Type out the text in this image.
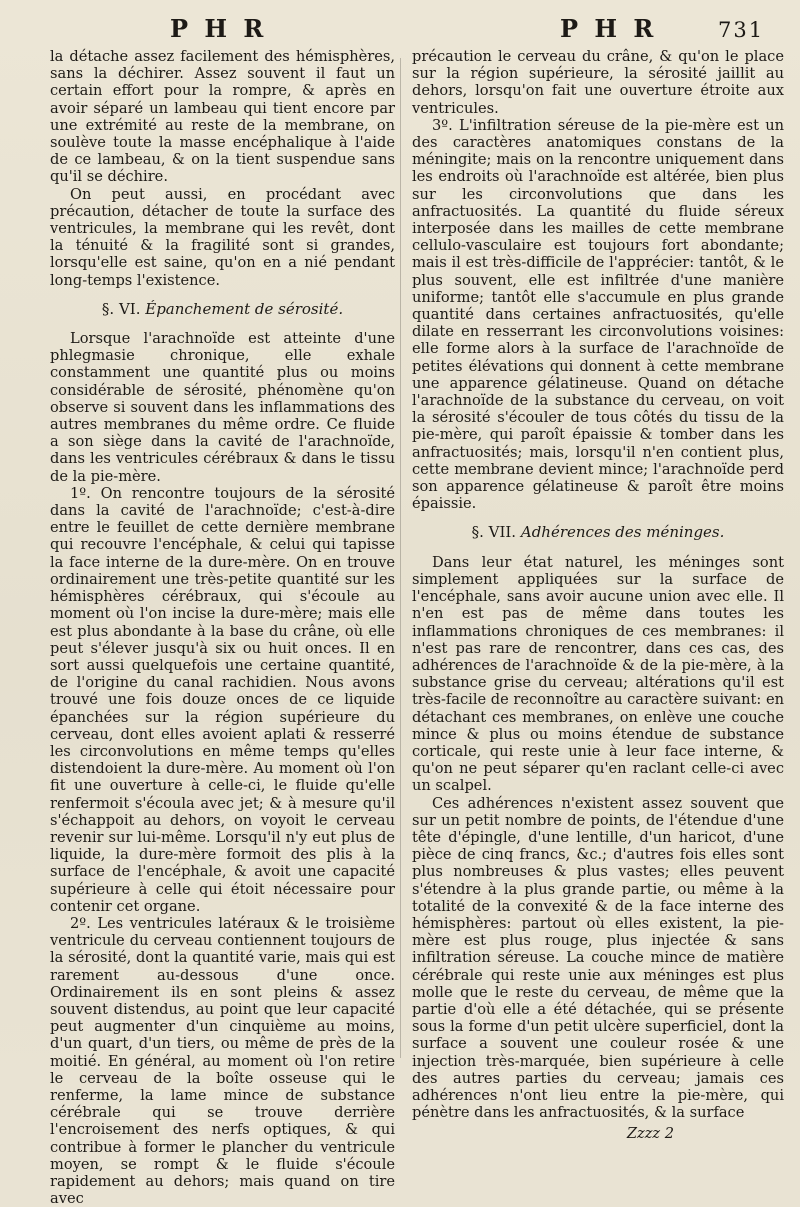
P H R	P H R	731

la détache assez facilement des hémisphères, sans la déchirer. Assez souvent il faut un certain effort pour la rompre, & après en avoir séparé un lambeau qui tient encore par une extrémité au reste de la membrane, on soulève toute la masse encéphalique à l'aide de ce lambeau, & on la tient suspendue sans qu'il se déchire.

On peut aussi, en procédant avec précaution, détacher de toute la surface des ventricules, la membrane qui les revêt, dont la ténuité & la fragilité sont si grandes, lorsqu'elle est saine, qu'on en a nié pendant long-temps l'existence.

§. VI. Épanchement de sérosité.

Lorsque l'arachnoïde est atteinte d'une phlegmasie chronique, elle exhale constamment une quantité plus ou moins considérable de sérosité, phénomène qu'on observe si souvent dans les inflammations des autres membranes du même ordre. Ce fluide a son siège dans la cavité de l'arachnoïde, dans les ventricules cérébraux & dans le tissu de la pie-mère.

1º. On rencontre toujours de la sérosité dans la cavité de l'arachnoïde; c'est-à-dire entre le feuillet de cette dernière membrane qui recouvre l'encéphale, & celui qui tapisse la face interne de la dure-mère. On en trouve ordinairement une très-petite quantité sur les hémisphères cérébraux, qui s'écoule au moment où l'on incise la dure-mère; mais elle est plus abondante à la base du crâne, où elle peut s'élever jusqu'à six ou huit onces. Il en sort aussi quelquefois une certaine quantité, de l'origine du canal rachidien. Nous avons trouvé une fois douze onces de ce liquide épanchées sur la région supérieure du cerveau, dont elles avoient aplati & resserré les circonvolutions en même temps qu'elles distendoient la dure-mère. Au moment où l'on fit une ouverture à celle-ci, le fluide qu'elle renfermoit s'écoula avec jet; & à mesure qu'il s'échappoit au dehors, on voyoit le cerveau revenir sur lui-même. Lorsqu'il n'y eut plus de liquide, la dure-mère formoit des plis à la surface de l'encéphale, & avoit une capacité supérieure à celle qui étoit nécessaire pour contenir cet organe.

2º. Les ventricules latéraux & le troisième ventricule du cerveau contiennent toujours de la sérosité, dont la quantité varie, mais qui est rarement au-dessous d'une once. Ordinairement ils en sont pleins & assez souvent distendus, au point que leur capacité peut augmenter d'un cinquième au moins, d'un quart, d'un tiers, ou même de près de la moitié. En général, au moment où l'on retire le cerveau de la boîte osseuse qui le renferme, la lame mince de substance cérébrale qui se trouve derrière l'encroisement des nerfs optiques, & qui contribue à former le plancher du ventricule moyen, se rompt & le fluide s'écoule rapidement au dehors; mais quand on tire avec

précaution le cerveau du crâne, & qu'on le place sur la région supérieure, la sérosité jaillit au dehors, lorsqu'on fait une ouverture étroite aux ventricules.

3º. L'infiltration séreuse de la pie-mère est un des caractères anatomiques constans de la méningite; mais on la rencontre uniquement dans les endroits où l'arachnoïde est altérée, bien plus sur les circonvolutions que dans les anfractuosités. La quantité du fluide séreux interposée dans les mailles de cette membrane cellulo-vasculaire est toujours fort abondante; mais il est très-difficile de l'apprécier: tantôt, & le plus souvent, elle est infiltrée d'une manière uniforme; tantôt elle s'accumule en plus grande quantité dans certaines anfractuosités, qu'elle dilate en resserrant les circonvolutions voisines: elle forme alors à la surface de l'arachnoïde de petites élévations qui donnent à cette membrane une apparence gélatineuse. Quand on détache l'arachnoïde de la substance du cerveau, on voit la sérosité s'écouler de tous côtés du tissu de la pie-mère, qui paroît épaissie & tomber dans les anfractuosités; mais, lorsqu'il n'en contient plus, cette membrane devient mince; l'arachnoïde perd son apparence gélatineuse & paroît être moins épaissie.

§. VII. Adhérences des méninges.

Dans leur état naturel, les méninges sont simplement appliquées sur la surface de l'encéphale, sans avoir aucune union avec elle. Il n'en est pas de même dans toutes les inflammations chroniques de ces membranes: il n'est pas rare de rencontrer, dans ces cas, des adhérences de l'arachnoïde & de la pie-mère, à la substance grise du cerveau; altérations qu'il est très-facile de reconnoître au caractère suivant: en détachant ces membranes, on enlève une couche mince & plus ou moins étendue de substance corticale, qui reste unie à leur face interne, & qu'on ne peut séparer qu'en raclant celle-ci avec un scalpel.

Ces adhérences n'existent assez souvent que sur un petit nombre de points, de l'étendue d'une tête d'épingle, d'une lentille, d'un haricot, d'une pièce de cinq francs, &c.; d'autres fois elles sont plus nombreuses & plus vastes; elles peuvent s'étendre à la plus grande partie, ou même à la totalité de la convexité & de la face interne des hémisphères: partout où elles existent, la pie-mère est plus rouge, plus injectée & sans infiltration séreuse. La couche mince de matière cérébrale qui reste unie aux méninges est plus molle que le reste du cerveau, de même que la partie d'où elle a été détachée, qui se présente sous la forme d'un petit ulcère superficiel, dont la surface a souvent une couleur rosée & une injection très-marquée, bien supérieure à celle des autres parties du cerveau; jamais ces adhérences n'ont lieu entre la pie-mère, qui pénètre dans les anfractuosités, & la surface

Zzzz 2
